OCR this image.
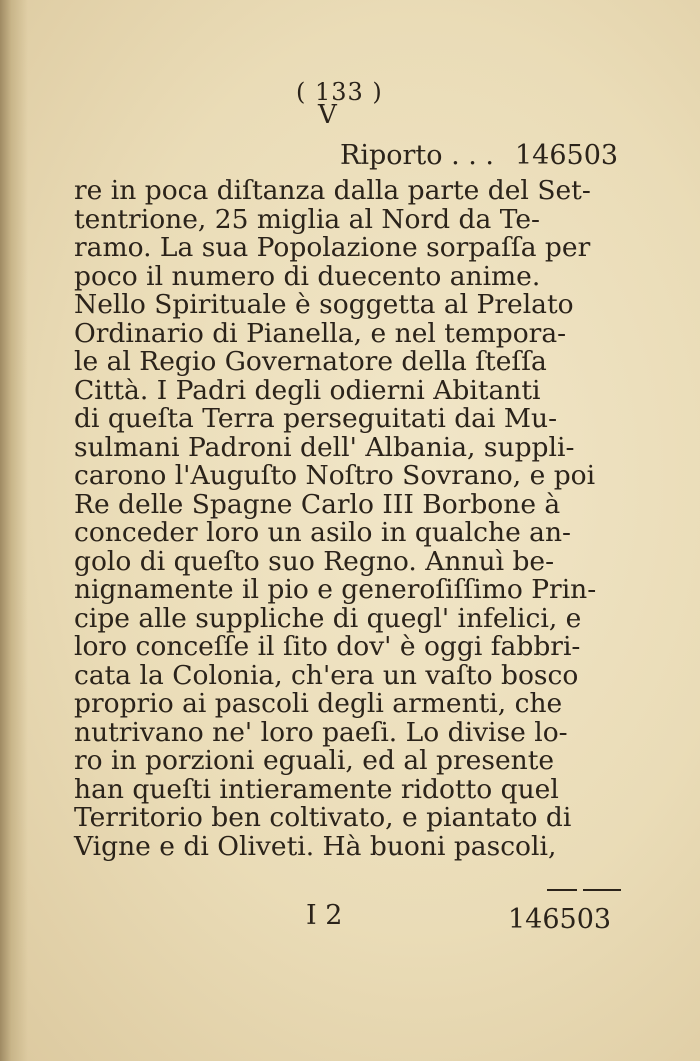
( 133 )
V
Riporto . . . 146503
re in poca diſtanza dalla parte del Set-
tentrione, 25 miglia al Nord da Te-
ramo. La sua Popolazione sorpaſſa per
poco il numero di duecento anime.
Nello Spirituale è soggetta al Prelato
Ordinario di Pianella, e nel tempora-
le al Regio Governatore della ſteſſa
Città. I Padri degli odierni Abitanti
di queſta Terra perseguitati dai Mu-
sulmani Padroni dell' Albania, suppli-
carono l'Auguſto Noſtro Sovrano, e poi
Re delle Spagne Carlo III Borbone à
conceder loro un asilo in qualche an-
golo di queſto suo Regno. Annuì be-
nignamente il pio e generoſiſſimo Prin-
cipe alle suppliche di quegl' infelici, e
loro conceſſe il ſito dov' è oggi fabbri-
cata la Colonia, ch'era un vaſto bosco
proprio ai pascoli degli armenti, che
nutrivano ne' loro paeſi. Lo divise lo-
ro in porzioni eguali, ed al presente
han queſti intieramente ridotto quel
Territorio ben coltivato, e piantato di
Vigne e di Oliveti. Hà buoni pascoli,
I 2	146503
